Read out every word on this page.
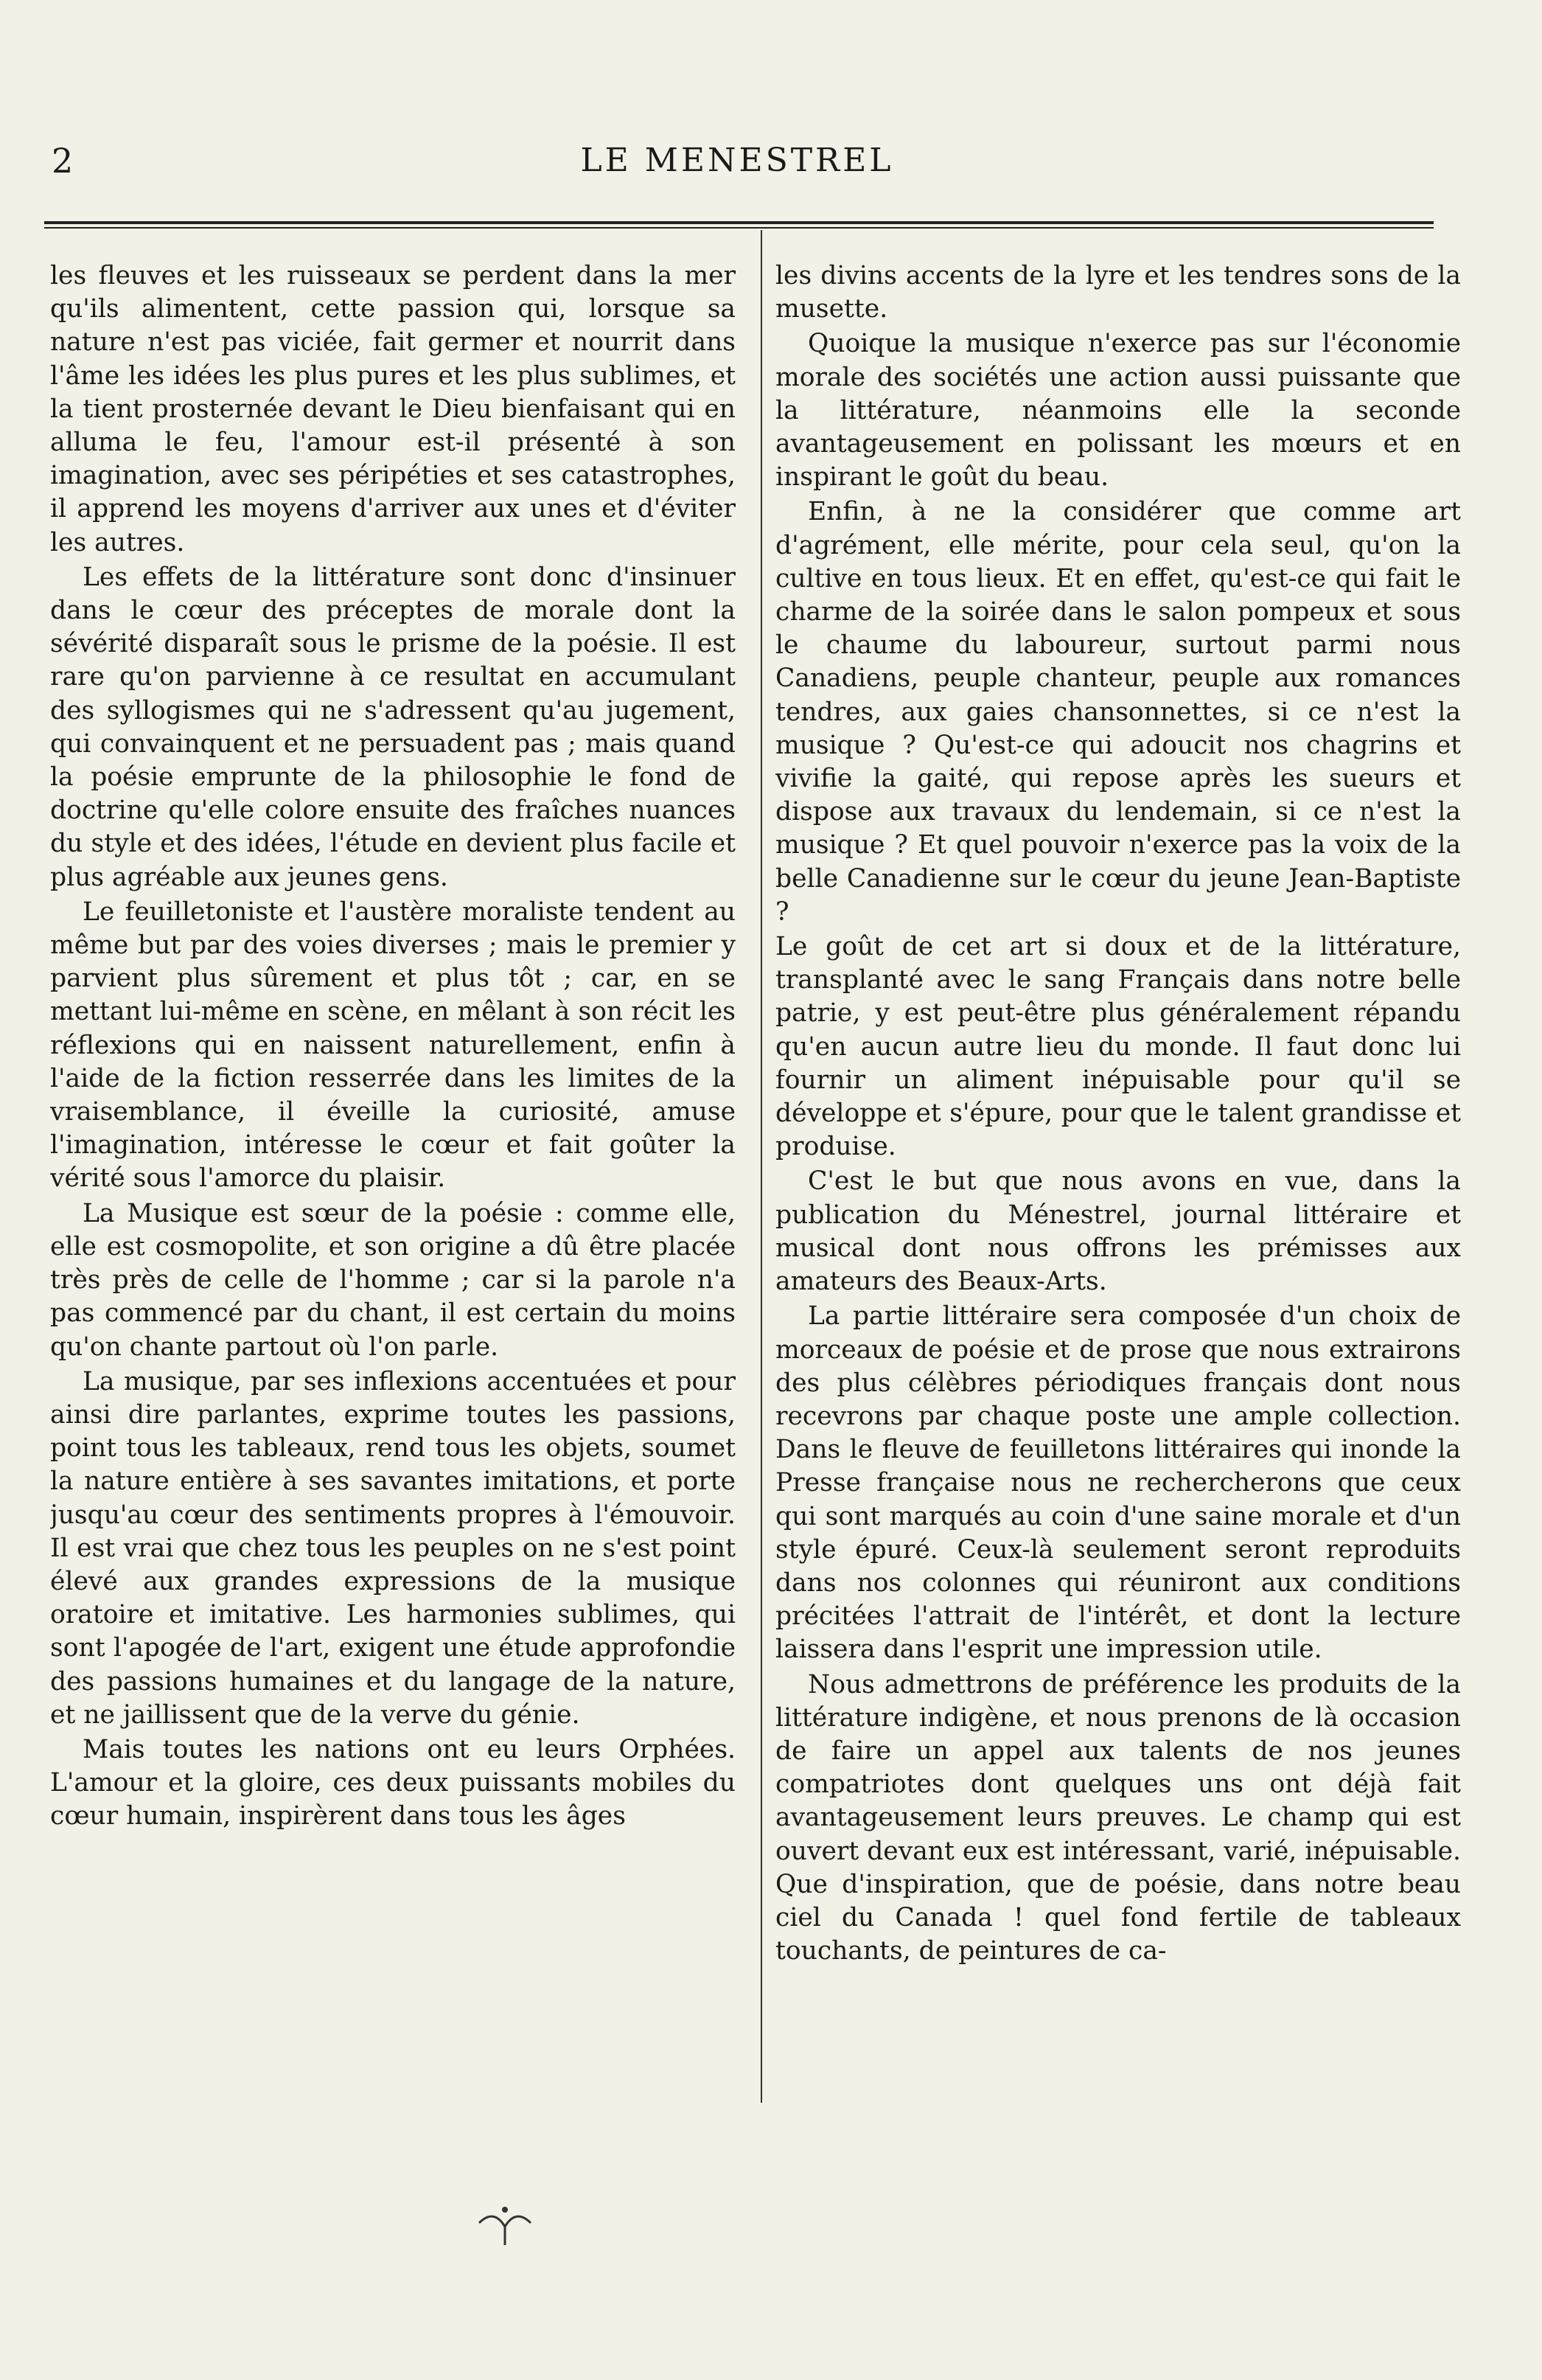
2	LE MENESTREL

les fleuves et les ruisseaux se perdent dans la mer qu'ils alimentent, cette passion qui, lorsque sa nature n'est pas viciée, fait germer et nourrit dans l'âme les idées les plus pures et les plus sublimes, et la tient prosternée devant le Dieu bienfaisant qui en alluma le feu, l'amour est-il présenté à son imagination, avec ses péripéties et ses catastrophes, il apprend les moyens d'arriver aux unes et d'éviter les autres.

Les effets de la littérature sont donc d'insinuer dans le cœur des préceptes de morale dont la sévérité disparaît sous le prisme de la poésie. Il est rare qu'on parvienne à ce resultat en accumulant des syllogismes qui ne s'adressent qu'au jugement, qui convainquent et ne persuadent pas ; mais quand la poésie emprunte de la philosophie le fond de doctrine qu'elle colore ensuite des fraîches nuances du style et des idées, l'étude en devient plus facile et plus agréable aux jeunes gens.

Le feuilletoniste et l'austère moraliste tendent au même but par des voies diverses ; mais le premier y parvient plus sûrement et plus tôt ; car, en se mettant lui-même en scène, en mêlant à son récit les réflexions qui en naissent naturellement, enfin à l'aide de la fiction resserrée dans les limites de la vraisemblance, il éveille la curiosité, amuse l'imagination, intéresse le cœur et fait goûter la vérité sous l'amorce du plaisir.

La Musique est sœur de la poésie : comme elle, elle est cosmopolite, et son origine a dû être placée très près de celle de l'homme ; car si la parole n'a pas commencé par du chant, il est certain du moins qu'on chante partout où l'on parle.

La musique, par ses inflexions accentuées et pour ainsi dire parlantes, exprime toutes les passions, point tous les tableaux, rend tous les objets, soumet la nature entière à ses savantes imitations, et porte jusqu'au cœur des sentiments propres à l'émouvoir. Il est vrai que chez tous les peuples on ne s'est point élevé aux grandes expressions de la musique oratoire et imitative. Les harmonies sublimes, qui sont l'apogée de l'art, exigent une étude approfondie des passions humaines et du langage de la nature, et ne jaillissent que de la verve du génie.

Mais toutes les nations ont eu leurs Orphées. L'amour et la gloire, ces deux puissants mobiles du cœur humain, inspirèrent dans tous les âges

les divins accents de la lyre et les tendres sons de la musette.

Quoique la musique n'exerce pas sur l'économie morale des sociétés une action aussi puissante que la littérature, néanmoins elle la seconde avantageusement en polissant les mœurs et en inspirant le goût du beau.

Enfin, à ne la considérer que comme art d'agrément, elle mérite, pour cela seul, qu'on la cultive en tous lieux. Et en effet, qu'est-ce qui fait le charme de la soirée dans le salon pompeux et sous le chaume du laboureur, surtout parmi nous Canadiens, peuple chanteur, peuple aux romances tendres, aux gaies chansonnettes, si ce n'est la musique ? Qu'est-ce qui adoucit nos chagrins et vivifie la gaité, qui repose après les sueurs et dispose aux travaux du lendemain, si ce n'est la musique ? Et quel pouvoir n'exerce pas la voix de la belle Canadienne sur le cœur du jeune Jean-Baptiste ?

Le goût de cet art si doux et de la littérature, transplanté avec le sang Français dans notre belle patrie, y est peut-être plus généralement répandu qu'en aucun autre lieu du monde. Il faut donc lui fournir un aliment inépuisable pour qu'il se développe et s'épure, pour que le talent grandisse et produise.

C'est le but que nous avons en vue, dans la publication du Ménestrel, journal littéraire et musical dont nous offrons les prémisses aux amateurs des Beaux-Arts.

La partie littéraire sera composée d'un choix de morceaux de poésie et de prose que nous extrairons des plus célèbres périodiques français dont nous recevrons par chaque poste une ample collection. Dans le fleuve de feuilletons littéraires qui inonde la Presse française nous ne rechercherons que ceux qui sont marqués au coin d'une saine morale et d'un style épuré. Ceux-là seulement seront reproduits dans nos colonnes qui réuniront aux conditions précitées l'attrait de l'intérêt, et dont la lecture laissera dans l'esprit une impression utile.

Nous admettrons de préférence les produits de la littérature indigène, et nous prenons de là occasion de faire un appel aux talents de nos jeunes compatriotes dont quelques uns ont déjà fait avantageusement leurs preuves. Le champ qui est ouvert devant eux est intéressant, varié, inépuisable. Que d'inspiration, que de poésie, dans notre beau ciel du Canada ! quel fond fertile de tableaux touchants, de peintures de ca-
